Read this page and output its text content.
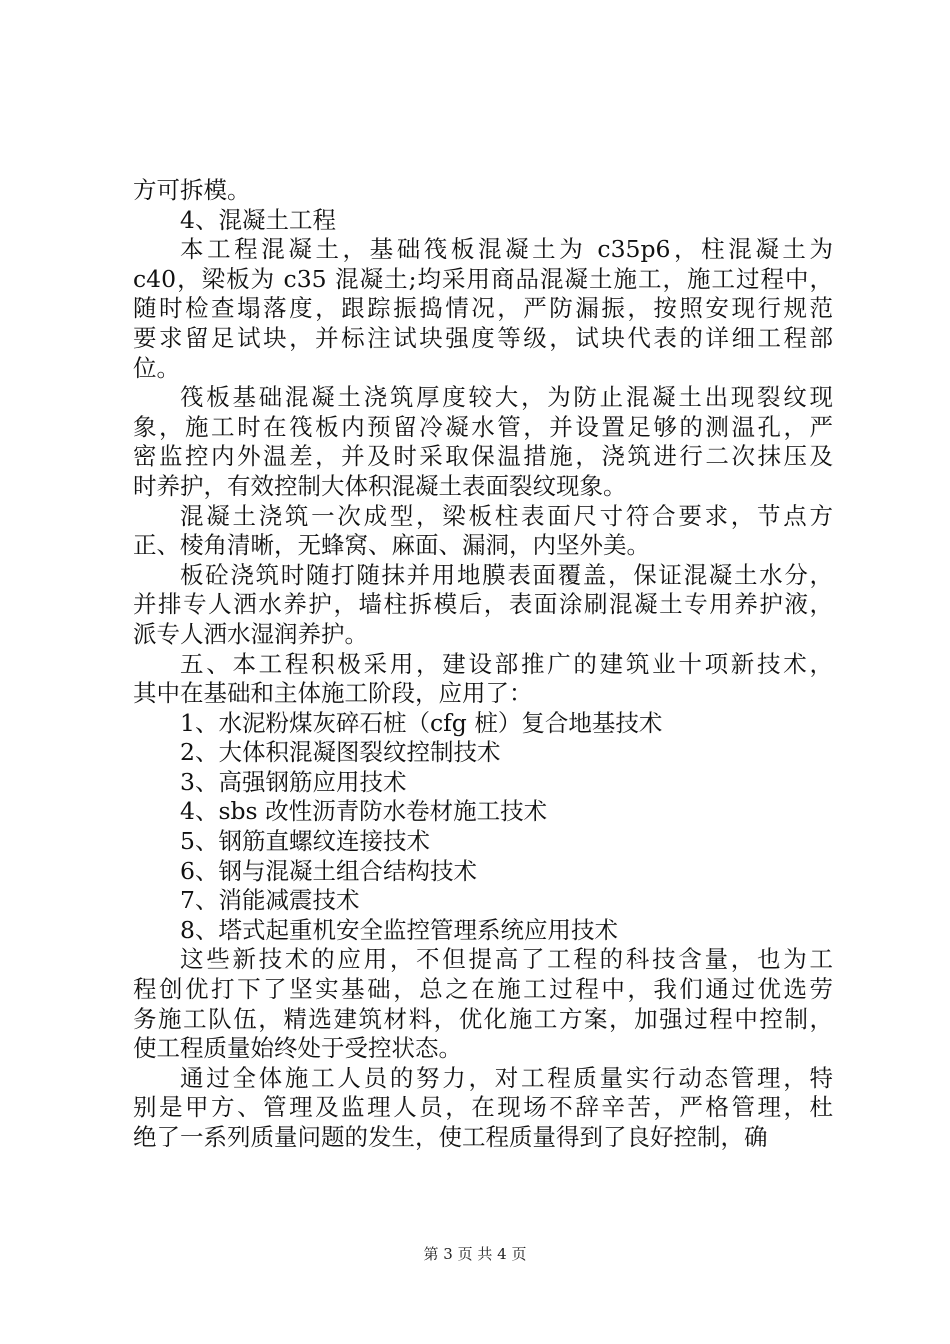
方可拆模。
4、混凝土工程
本工程混凝土，基础筏板混凝土为 c35p6，柱混凝土为
c40，梁板为 c35 混凝土;均采用商品混凝土施工，施工过程中，
随时检查塌落度，跟踪振捣情况，严防漏振，按照安现行规范
要求留足试块，并标注试块强度等级，试块代表的详细工程部
位。
筏板基础混凝土浇筑厚度较大，为防止混凝土出现裂纹现
象，施工时在筏板内预留冷凝水管，并设置足够的测温孔，严
密监控内外温差，并及时采取保温措施，浇筑进行二次抹压及
时养护，有效控制大体积混凝土表面裂纹现象。
混凝土浇筑一次成型，梁板柱表面尺寸符合要求，节点方
正、棱角清晰，无蜂窝、麻面、漏洞，内坚外美。
板砼浇筑时随打随抹并用地膜表面覆盖，保证混凝土水分，
并排专人洒水养护，墙柱拆模后，表面涂刷混凝土专用养护液，
派专人洒水湿润养护。
五、本工程积极采用，建设部推广的建筑业十项新技术，
其中在基础和主体施工阶段，应用了：
1、水泥粉煤灰碎石桩（cfg 桩）复合地基技术
2、大体积混凝图裂纹控制技术
3、高强钢筋应用技术
4、sbs 改性沥青防水卷材施工技术
5、钢筋直螺纹连接技术
6、钢与混凝土组合结构技术
7、消能减震技术
8、塔式起重机安全监控管理系统应用技术
这些新技术的应用，不但提高了工程的科技含量，也为工
程创优打下了坚实基础，总之在施工过程中，我们通过优选劳
务施工队伍，精选建筑材料，优化施工方案，加强过程中控制，
使工程质量始终处于受控状态。
通过全体施工人员的努力，对工程质量实行动态管理，特
别是甲方、管理及监理人员，在现场不辞辛苦，严格管理，杜
绝了一系列质量问题的发生，使工程质量得到了良好控制，确
第 3 页 共 4 页
